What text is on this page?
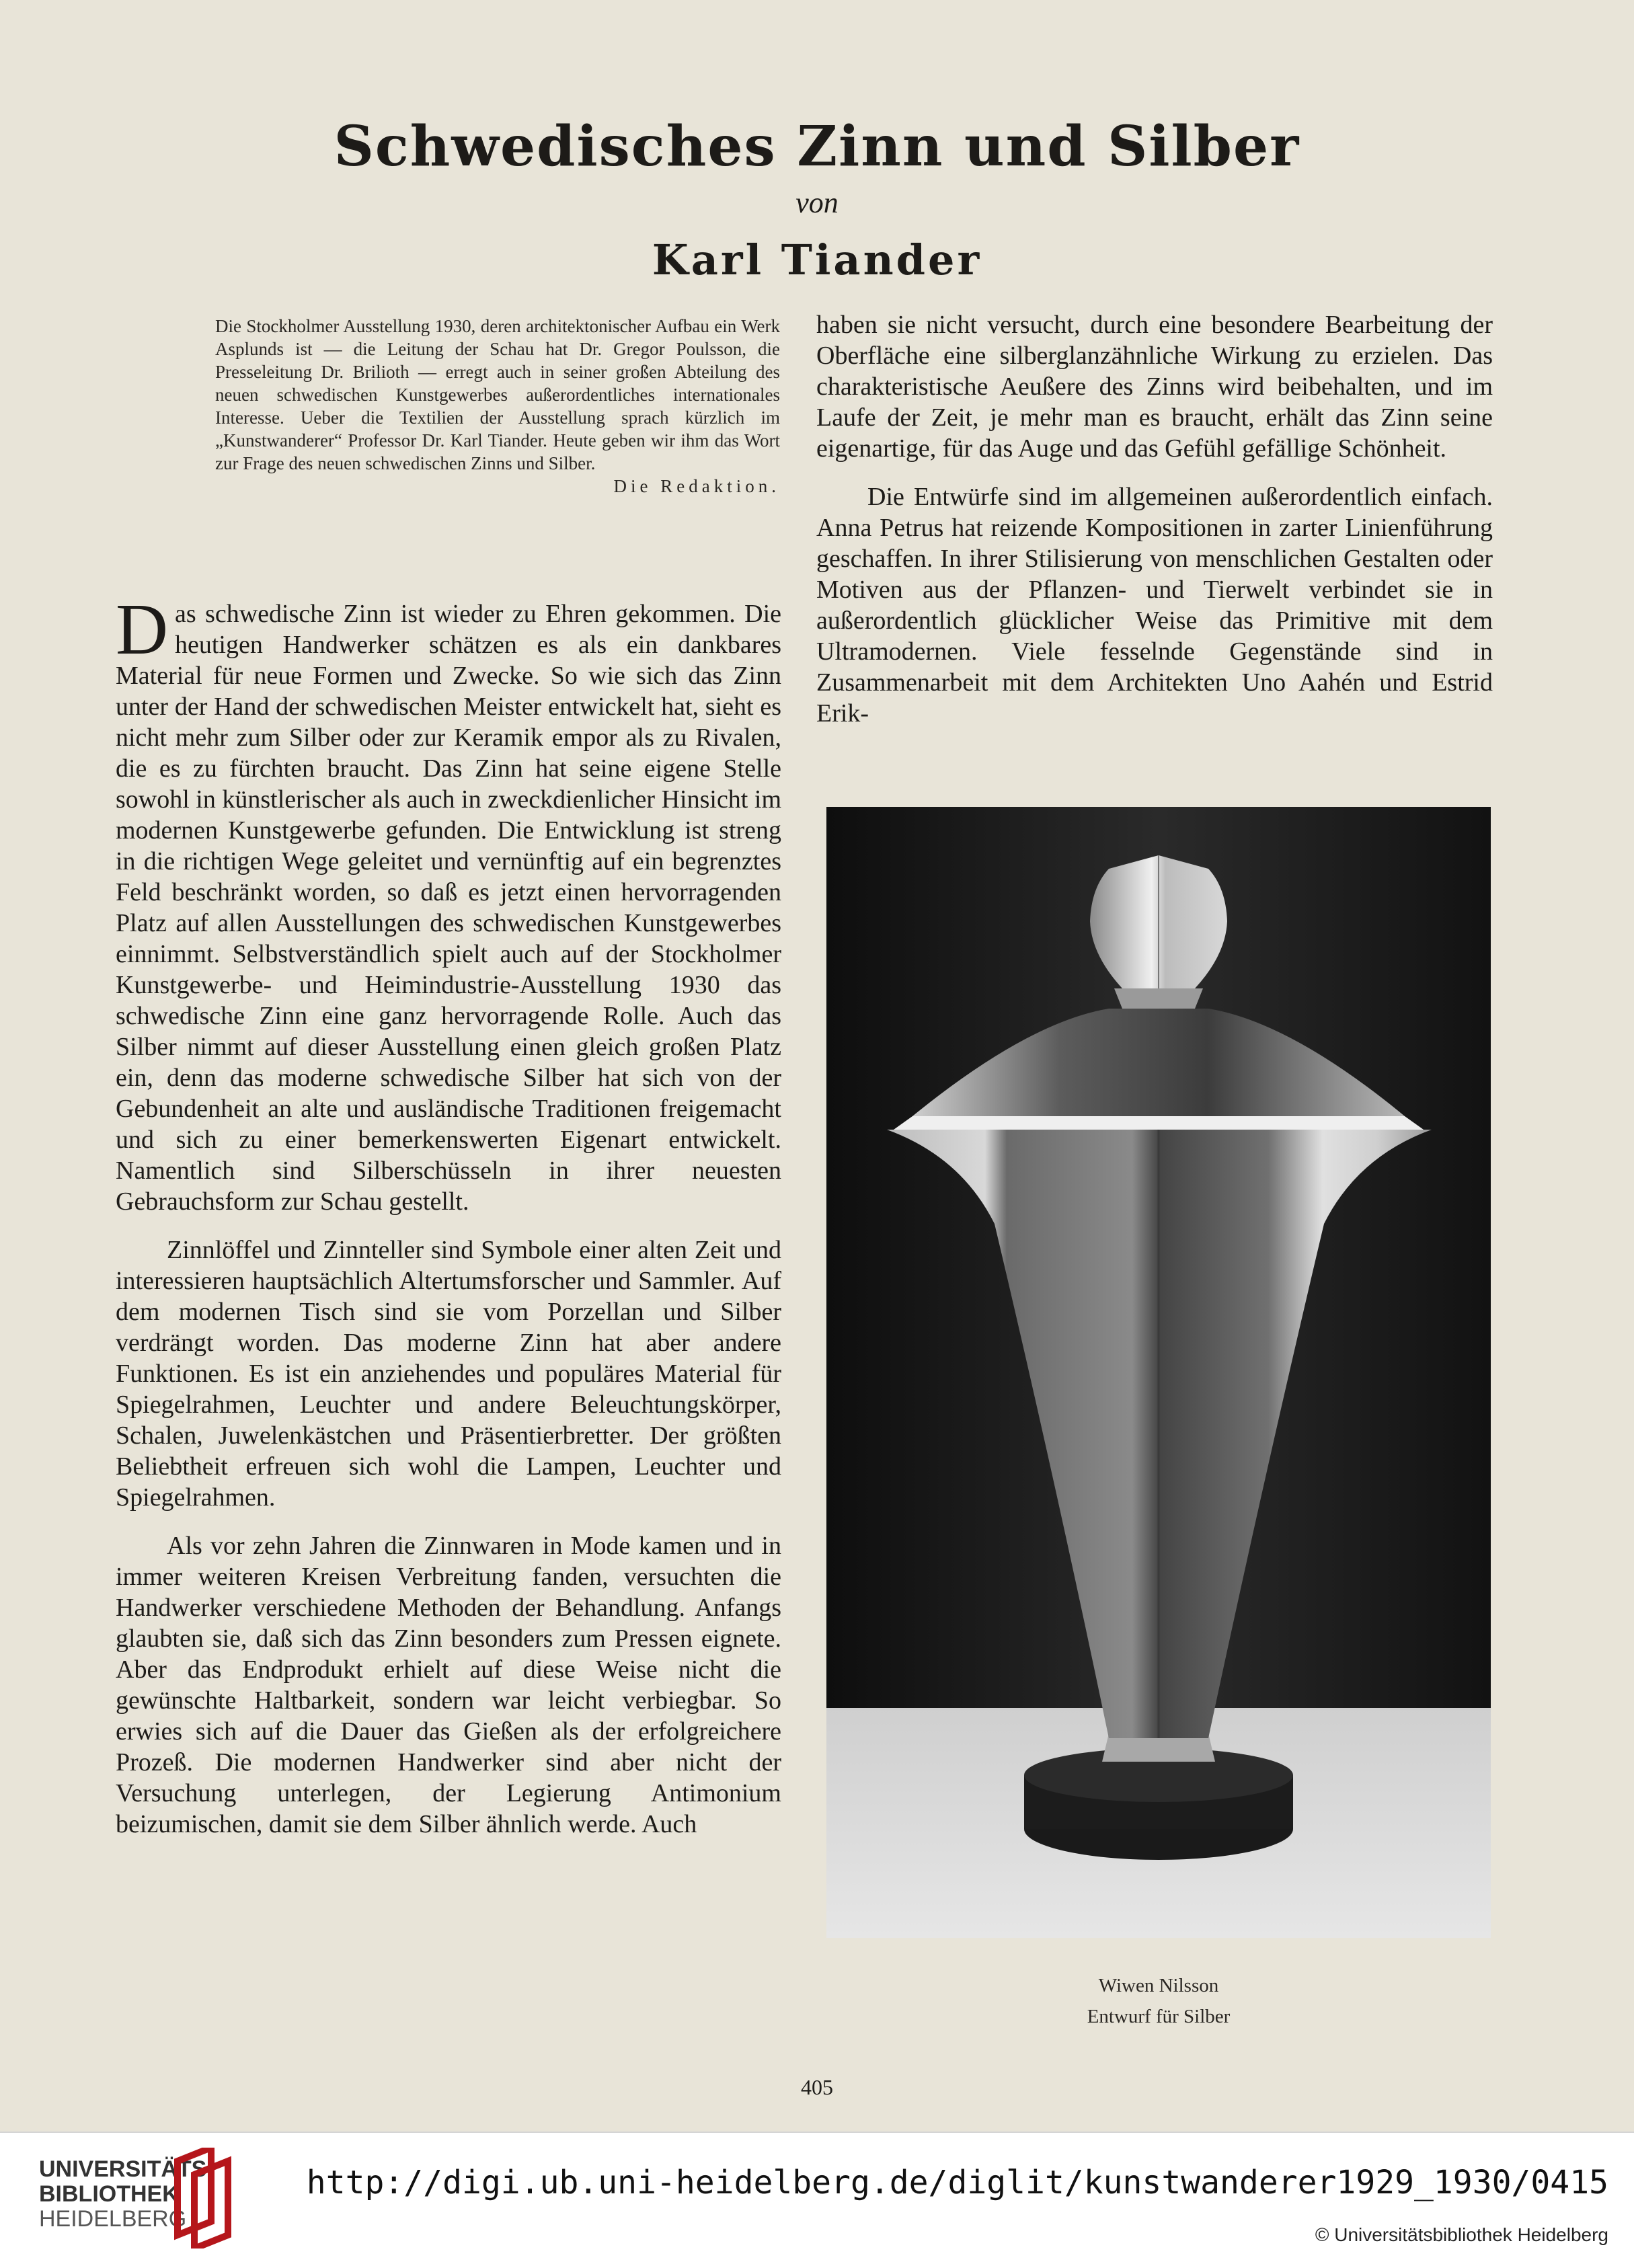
Schwedisches Zinn und Silber
von
Karl Tiander
Die Stockholmer Ausstellung 1930, deren architektonischer Aufbau ein Werk Asplunds ist — die Leitung der Schau hat Dr. Gregor Poulsson, die Presseleitung Dr. Brilioth — erregt auch in seiner großen Abteilung des neuen schwedischen Kunstgewerbes außerordentliches internationales Interesse. Ueber die Textilien der Ausstellung sprach kürzlich im „Kunstwanderer“ Professor Dr. Karl Tiander. Heute geben wir ihm das Wort zur Frage des neuen schwedischen Zinns und Silber.
Die Redaktion.

Das schwedische Zinn ist wieder zu Ehren gekommen. Die heutigen Handwerker schätzen es als ein dankbares Material für neue Formen und Zwecke. So wie sich das Zinn unter der Hand der schwedischen Meister entwickelt hat, sieht es nicht mehr zum Silber oder zur Keramik empor als zu Rivalen, die es zu fürchten braucht. Das Zinn hat seine eigene Stelle sowohl in künstlerischer als auch in zweckdienlicher Hinsicht im modernen Kunstgewerbe gefunden. Die Entwicklung ist streng in die richtigen Wege geleitet und vernünftig auf ein begrenztes Feld beschränkt worden, so daß es jetzt einen hervorragenden Platz auf allen Ausstellungen des schwedischen Kunstgewerbes einnimmt. Selbstverständlich spielt auch auf der Stockholmer Kunstgewerbe- und Heimindustrie-Ausstellung 1930 das schwedische Zinn eine ganz hervorragende Rolle. Auch das Silber nimmt auf dieser Ausstellung einen gleich großen Platz ein, denn das moderne schwedische Silber hat sich von der Gebundenheit an alte und ausländische Traditionen freigemacht und sich zu einer bemerkenswerten Eigenart entwickelt. Namentlich sind Silberschüsseln in ihrer neuesten Gebrauchsform zur Schau gestellt.

Zinnlöffel und Zinnteller sind Symbole einer alten Zeit und interessieren hauptsächlich Altertumsforscher und Sammler. Auf dem modernen Tisch sind sie vom Porzellan und Silber verdrängt worden. Das moderne Zinn hat aber andere Funktionen. Es ist ein anziehendes und populäres Material für Spiegelrahmen, Leuchter und andere Beleuchtungskörper, Schalen, Juwelenkästchen und Präsentierbretter. Der größten Beliebtheit erfreuen sich wohl die Lampen, Leuchter und Spiegelrahmen.

Als vor zehn Jahren die Zinnwaren in Mode kamen und in immer weiteren Kreisen Verbreitung fanden, versuchten die Handwerker verschiedene Methoden der Behandlung. Anfangs glaubten sie, daß sich das Zinn besonders zum Pressen eignete. Aber das Endprodukt erhielt auf diese Weise nicht die gewünschte Haltbarkeit, sondern war leicht verbiegbar. So erwies sich auf die Dauer das Gießen als der erfolgreichere Prozeß. Die modernen Handwerker sind aber nicht der Versuchung unterlegen, der Legierung Antimonium beizumischen, damit sie dem Silber ähnlich werde. Auch

haben sie nicht versucht, durch eine besondere Bearbeitung der Oberfläche eine silberglanzähnliche Wirkung zu erzielen. Das charakteristische Aeußere des Zinns wird beibehalten, und im Laufe der Zeit, je mehr man es braucht, erhält das Zinn seine eigenartige, für das Auge und das Gefühl gefällige Schönheit.

Die Entwürfe sind im allgemeinen außerordentlich einfach. Anna Petrus hat reizende Kompositionen in zarter Linienführung geschaffen. In ihrer Stilisierung von menschlichen Gestalten oder Motiven aus der Pflanzen- und Tierwelt verbindet sie in außerordentlich glücklicher Weise das Primitive mit dem Ultramodernen. Viele fesselnde Gegenstände sind in Zusammenarbeit mit dem Architekten Uno Aahén und Estrid Erik-

Wiwen Nilsson
Entwurf für Silber
405
UNIVERSITÄTS-
BIBLIOTHEK
HEIDELBERG
http://digi.ub.uni-heidelberg.de/diglit/kunstwanderer1929_1930/0415
© Universitätsbibliothek Heidelberg
